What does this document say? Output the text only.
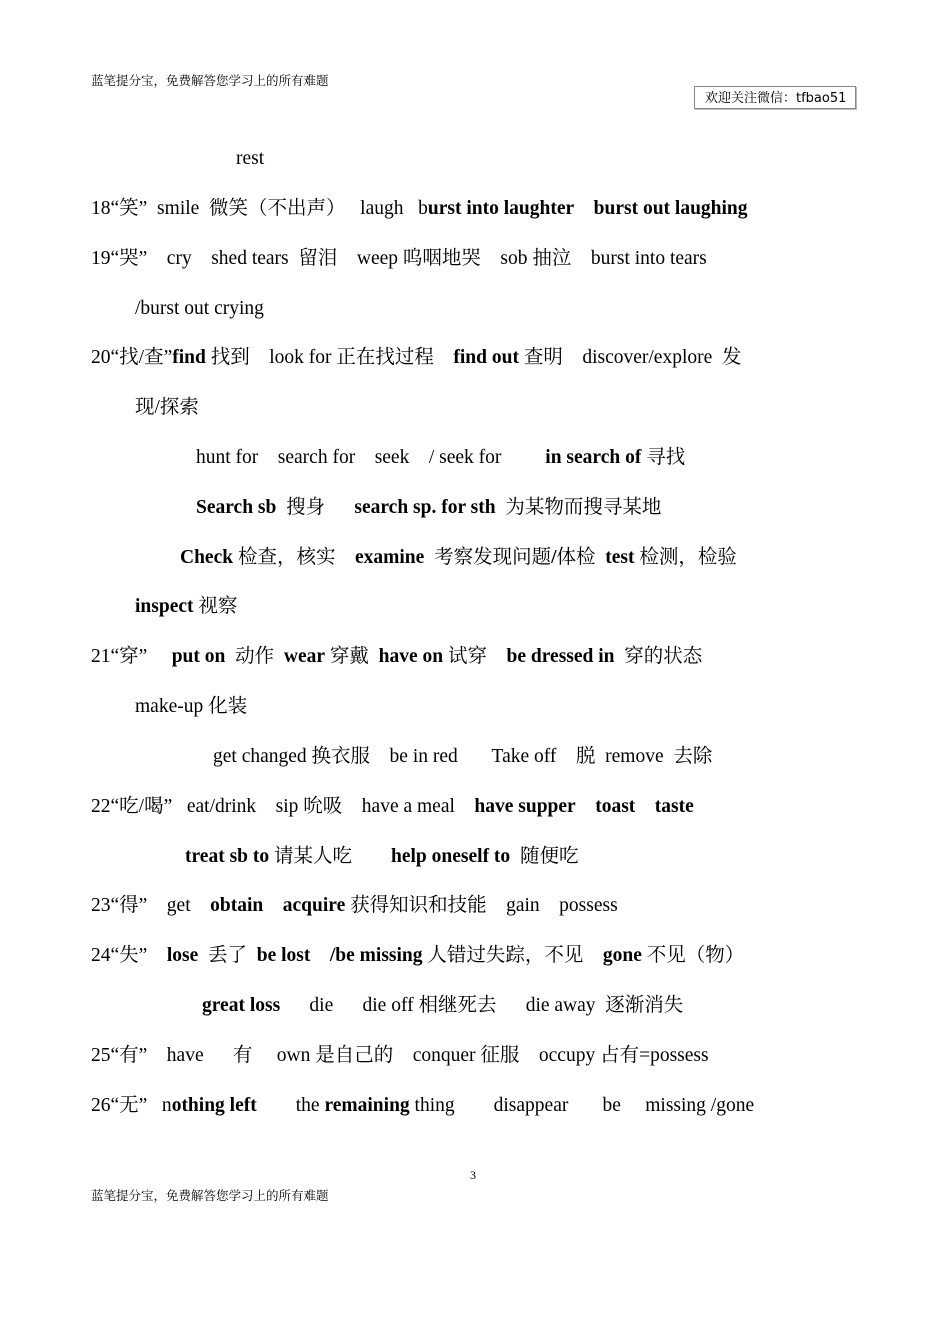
蓝笔提分宝，免费解答您学习上的所有难题
欢迎关注微信：tfbao51
rest
18“笑”  smile  微笑（不出声）   laugh   burst into laughter burst out laughing
19“哭”    cry    shed tears  留泪    weep 呜咽地哭    sob 抽泣    burst into tears
/burst out crying
20“找/查”find 找到    look for 正在找过程    find out 查明    discover/explore  发
现/探索
hunt for    search for    seek    / seek for         in search of 寻找
Search sb  搜身      search sp. for sth  为某物而搜寻某地
Check 检查，核实    examine  考察发现问题/体检  test 检测，检验
inspect 视察
21“穿”     put on  动作  wear 穿戴  have on 试穿    be dressed in  穿的状态
make-up 化装
get changed 换衣服    be in red       Take off    脱  remove  去除
22“吃/喝”   eat/drink    sip 吮吸    have a meal    have supper toast taste
treat sb to 请某人吃        help oneself to  随便吃
23“得”    get    obtain acquire 获得知识和技能    gain    possess
24“失”    lose  丢了  be lost /be missing 人错过失踪，不见    gone 不见（物）
great loss      die      die off 相继死去      die away  逐渐消失
25“有”    have      有     own 是自己的    conquer 征服    occupy 占有=possess
26“无”   nothing left        the remaining thing        disappear       be     missing /gone
3
蓝笔提分宝，免费解答您学习上的所有难题
